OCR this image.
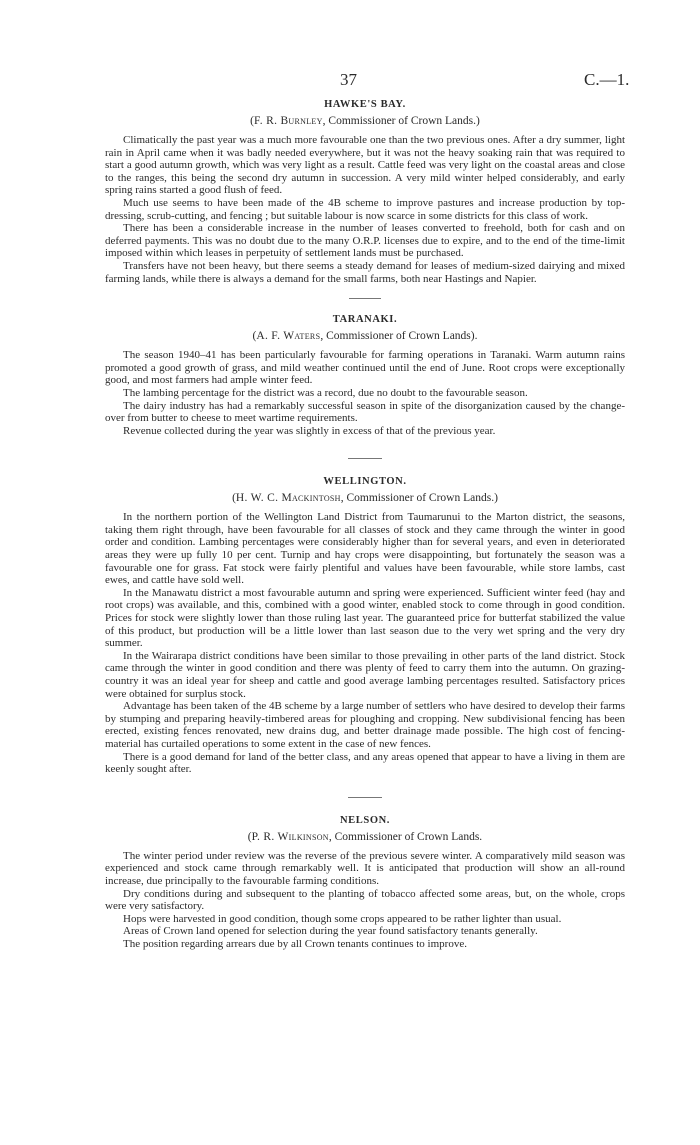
37	C.—1.
HAWKE'S BAY.
(F. R. Burnley, Commissioner of Crown Lands.)

Climatically the past year was a much more favourable one than the two previous ones. After a dry summer, light rain in April came when it was badly needed everywhere, but it was not the heavy soaking rain that was required to start a good autumn growth, which was very light as a result. Cattle feed was very light on the coastal areas and close to the ranges, this being the second dry autumn in succession. A very mild winter helped considerably, and early spring rains started a good flush of feed.

Much use seems to have been made of the 4B scheme to improve pastures and increase production by top-dressing, scrub-cutting, and fencing ; but suitable labour is now scarce in some districts for this class of work.

There has been a considerable increase in the number of leases converted to freehold, both for cash and on deferred payments. This was no doubt due to the many O.R.P. licenses due to expire, and to the end of the time-limit imposed within which leases in perpetuity of settlement lands must be purchased.

Transfers have not been heavy, but there seems a steady demand for leases of medium-sized dairying and mixed farming lands, while there is always a demand for the small farms, both near Hastings and Napier.

TARANAKI.
(A. F. Waters, Commissioner of Crown Lands).

The season 1940–41 has been particularly favourable for farming operations in Taranaki. Warm autumn rains promoted a good growth of grass, and mild weather continued until the end of June. Root crops were exceptionally good, and most farmers had ample winter feed.

The lambing percentage for the district was a record, due no doubt to the favourable season.

The dairy industry has had a remarkably successful season in spite of the disorganization caused by the change-over from butter to cheese to meet wartime requirements.

Revenue collected during the year was slightly in excess of that of the previous year.

WELLINGTON.
(H. W. C. Mackintosh, Commissioner of Crown Lands.)

In the northern portion of the Wellington Land District from Taumarunui to the Marton district, the seasons, taking them right through, have been favourable for all classes of stock and they came through the winter in good order and condition. Lambing percentages were considerably higher than for several years, and even in deteriorated areas they were up fully 10 per cent. Turnip and hay crops were disappointing, but fortunately the season was a favourable one for grass. Fat stock were fairly plentiful and values have been favourable, while store lambs, cast ewes, and cattle have sold well.

In the Manawatu district a most favourable autumn and spring were experienced. Sufficient winter feed (hay and root crops) was available, and this, combined with a good winter, enabled stock to come through in good condition. Prices for stock were slightly lower than those ruling last year. The guaranteed price for butterfat stabilized the value of this product, but production will be a little lower than last season due to the very wet spring and the very dry summer.

In the Wairarapa district conditions have been similar to those prevailing in other parts of the land district. Stock came through the winter in good condition and there was plenty of feed to carry them into the autumn. On grazing-country it was an ideal year for sheep and cattle and good average lambing percentages resulted. Satisfactory prices were obtained for surplus stock.

Advantage has been taken of the 4B scheme by a large number of settlers who have desired to develop their farms by stumping and preparing heavily-timbered areas for ploughing and cropping. New subdivisional fencing has been erected, existing fences renovated, new drains dug, and better drainage made possible. The high cost of fencing-material has curtailed operations to some extent in the case of new fences.

There is a good demand for land of the better class, and any areas opened that appear to have a living in them are keenly sought after.

NELSON.
(P. R. Wilkinson, Commissioner of Crown Lands.

The winter period under review was the reverse of the previous severe winter. A comparatively mild season was experienced and stock came through remarkably well. It is anticipated that production will show an all-round increase, due principally to the favourable farming conditions.

Dry conditions during and subsequent to the planting of tobacco affected some areas, but, on the whole, crops were very satisfactory.

Hops were harvested in good condition, though some crops appeared to be rather lighter than usual.

Areas of Crown land opened for selection during the year found satisfactory tenants generally.

The position regarding arrears due by all Crown tenants continues to improve.
